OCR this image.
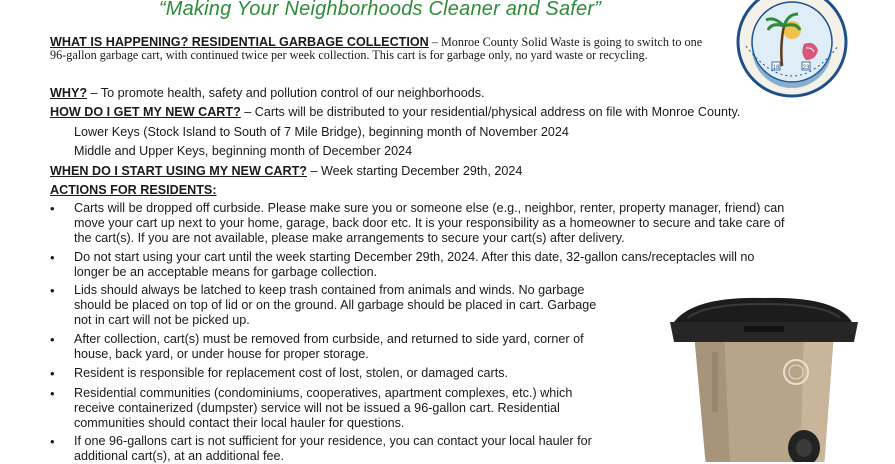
“Making Your Neighborhoods Cleaner and Safer”
18	23
WHAT IS HAPPENING? RESIDENTIAL GARBAGE COLLECTION – Monroe County Solid Waste is going to switch to one
96-gallon garbage cart, with continued twice per week collection. This cart is for garbage only, no yard waste or recycling.
WHY? – To promote health, safety and pollution control of our neighborhoods.
HOW DO I GET MY NEW CART? – Carts will be distributed to your residential/physical address on file with Monroe County.
Lower Keys (Stock Island to South of 7 Mile Bridge), beginning month of November 2024
Middle and Upper Keys, beginning month of December 2024
WHEN DO I START USING MY NEW CART? – Week starting December 29th, 2024
ACTIONS FOR RESIDENTS:
• Carts will be dropped off curbside. Please make sure you or someone else (e.g., neighbor, renter, property manager, friend) can
move your cart up next to your home, garage, back door etc. It is your responsibility as a homeowner to secure and take care of
the cart(s). If you are not available, please make arrangements to secure your cart(s) after delivery.
• Do not start using your cart until the week starting December 29th, 2024. After this date, 32-gallon cans/receptacles will no
longer be an acceptable means for garbage collection.
• Lids should always be latched to keep trash contained from animals and winds. No garbage
should be placed on top of lid or on the ground. All garbage should be placed in cart. Garbage
not in cart will not be picked up.
• After collection, cart(s) must be removed from curbside, and returned to side yard, corner of
house, back yard, or under house for proper storage.
• Resident is responsible for replacement cost of lost, stolen, or damaged carts.
• Residential communities (condominiums, cooperatives, apartment complexes, etc.) which
receive containerized (dumpster) service will not be issued a 96-gallon cart. Residential
communities should contact their local hauler for questions.
• If one 96-gallons cart is not sufficient for your residence, you can contact your local hauler for
additional cart(s), at an additional fee.
